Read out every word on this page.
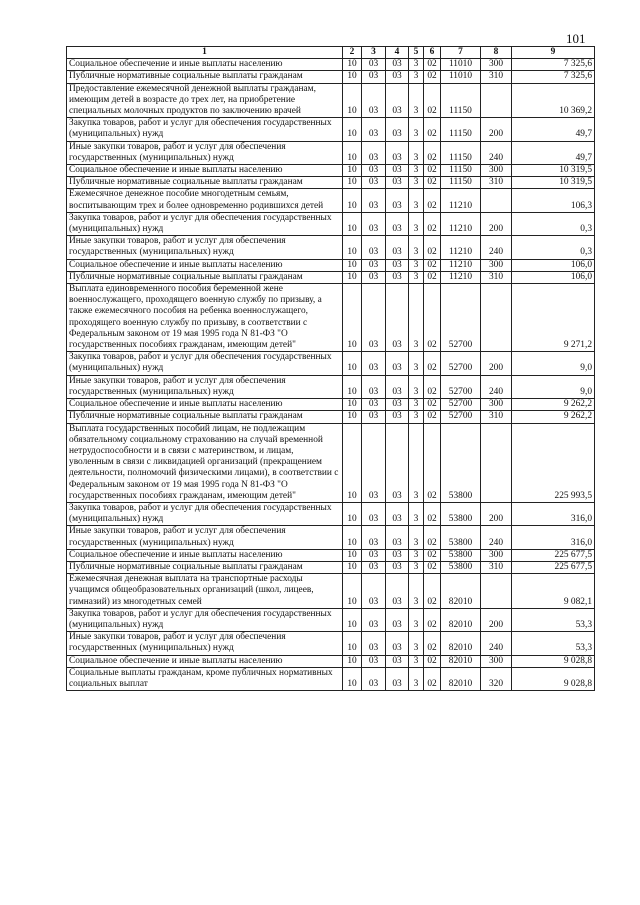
101
1	2	3	4	5	6	7	8	9
Социальное обеспечение и иные выплаты населению	10	03	03	3	02	11010	300	7 325,6
Публичные нормативные социальные выплаты гражданам	10	03	03	3	02	11010	310	7 325,6
Предоставление ежемесячной денежной выплаты гражданам, имеющим детей в возрасте до трех лет, на приобретение специальных молочных продуктов по заключению врачей	10	03	03	3	02	11150		10 369,2
Закупка товаров, работ и услуг для обеспечения государственных (муниципальных) нужд	10	03	03	3	02	11150	200	49,7
Иные закупки товаров, работ и услуг для обеспечения государственных (муниципальных) нужд	10	03	03	3	02	11150	240	49,7
Социальное обеспечение и иные выплаты населению	10	03	03	3	02	11150	300	10 319,5
Публичные нормативные социальные выплаты гражданам	10	03	03	3	02	11150	310	10 319,5
Ежемесячное денежное пособие многодетным семьям, воспитывающим трех и более одновременно родившихся детей	10	03	03	3	02	11210		106,3
Закупка товаров, работ и услуг для обеспечения государственных (муниципальных) нужд	10	03	03	3	02	11210	200	0,3
Иные закупки товаров, работ и услуг для обеспечения государственных (муниципальных) нужд	10	03	03	3	02	11210	240	0,3
Социальное обеспечение и иные выплаты населению	10	03	03	3	02	11210	300	106,0
Публичные нормативные социальные выплаты гражданам	10	03	03	3	02	11210	310	106,0
Выплата единовременного пособия беременной жене военнослужащего, проходящего военную службу по призыву, а также ежемесячного пособия на ребенка военнослужащего, проходящего военную службу по призыву, в соответствии с Федеральным законом от 19 мая 1995 года N 81-ФЗ "О государственных пособиях гражданам, имеющим детей"	10	03	03	3	02	52700		9 271,2
Закупка товаров, работ и услуг для обеспечения государственных (муниципальных) нужд	10	03	03	3	02	52700	200	9,0
Иные закупки товаров, работ и услуг для обеспечения государственных (муниципальных) нужд	10	03	03	3	02	52700	240	9,0
Социальное обеспечение и иные выплаты населению	10	03	03	3	02	52700	300	9 262,2
Публичные нормативные социальные выплаты гражданам	10	03	03	3	02	52700	310	9 262,2
Выплата государственных пособий лицам, не подлежащим обязательному социальному страхованию на случай временной нетрудоспособности и в связи с материнством, и лицам, уволенным в связи с ликвидацией организаций (прекращением деятельности, полномочий физическими лицами), в соответствии с Федеральным законом от 19 мая 1995 года N 81-ФЗ "О государственных пособиях гражданам, имеющим детей"	10	03	03	3	02	53800		225 993,5
Закупка товаров, работ и услуг для обеспечения государственных (муниципальных) нужд	10	03	03	3	02	53800	200	316,0
Иные закупки товаров, работ и услуг для обеспечения государственных (муниципальных) нужд	10	03	03	3	02	53800	240	316,0
Социальное обеспечение и иные выплаты населению	10	03	03	3	02	53800	300	225 677,5
Публичные нормативные социальные выплаты гражданам	10	03	03	3	02	53800	310	225 677,5
Ежемесячная денежная выплата на транспортные расходы учащимся общеобразовательных организаций (школ, лицеев, гимназий) из многодетных семей	10	03	03	3	02	82010		9 082,1
Закупка товаров, работ и услуг для обеспечения государственных (муниципальных) нужд	10	03	03	3	02	82010	200	53,3
Иные закупки товаров, работ и услуг для обеспечения государственных (муниципальных) нужд	10	03	03	3	02	82010	240	53,3
Социальное обеспечение и иные выплаты населению	10	03	03	3	02	82010	300	9 028,8
Социальные выплаты гражданам, кроме публичных нормативных социальных выплат	10	03	03	3	02	82010	320	9 028,8
